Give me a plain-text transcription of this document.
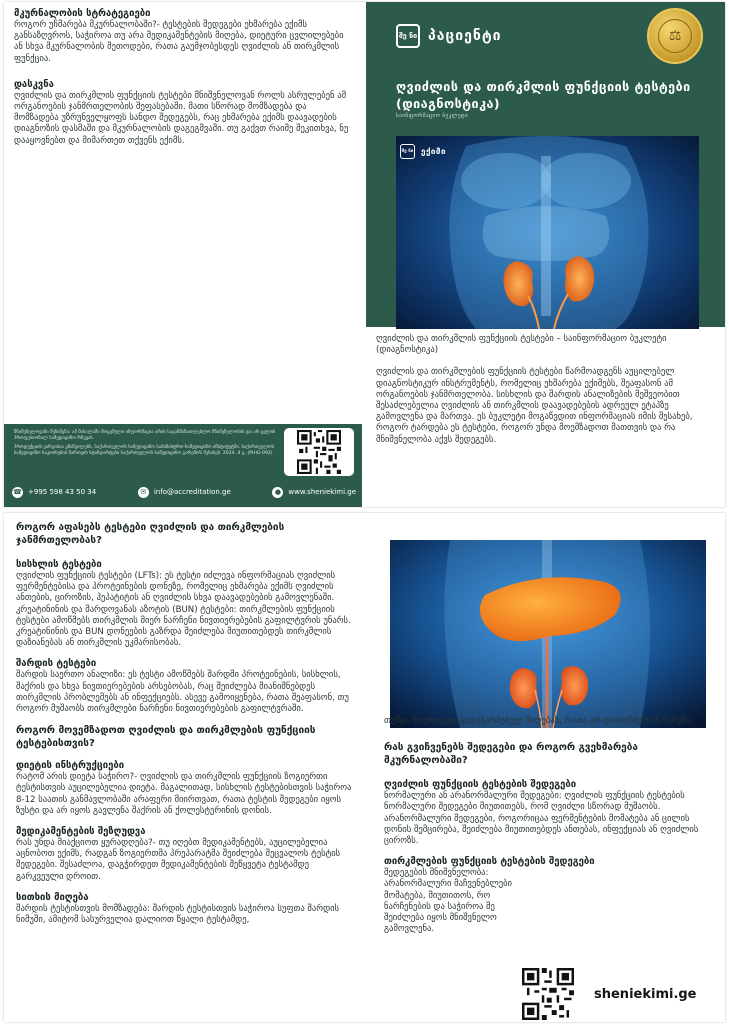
მკურნალობის სტრატეგიები
როგორ უჩმარება მკურნალობაში?- ტესტების შედეგები ეხმარება ექიმს განსაზღვროს, საჭიროა თუ არა მედიკამენტების მიღება, დიეტური ცვლილებები ან სხვა მკურნალობის მეთოდები, რათა გაუმჯობესდეს ღვიძლის ან თირკმლის ფუნქცია.
დასკვნა
ღვიძლის და თირკმლის ფუნქციის ტესტები მნიშვნელოვან როლს ასრულებენ ამ ორგანოების ჯანმრთელობის შეფასებაში. მათი სწორად მომზადება და მომზადება უზრუნველყოფს სანდო შედეგებს, რაც ეხმარება ექიმს დაავადების დიაგნოზის დასმაში და მკურნალობის დაგეგმვაში. თუ გაქვთ რაიმე შეკითხვა, ნუ დააყოვნებთ და მიმართეთ თქვენს ექიმს.

მნიშვნელოვანი შენიშვნა: ამ მასალაში მოცემული ინფორმაცია არის საგანმანათლებლო მნიშვნელობის და არ ცვლის პროფესიონალ სამედიცინო რჩევას.

პროდუქციის ვარგისია ყმაწვილებს, საქართველოს სამედიცინო სამინისტრო-სამედიცინო ინსტიტუტში. საქართველოს სამედიცინო საკითხების მართვის სტანდარტები საქართველოს სამედიცინო გარემოს შესახებ. 2024. 4 გ. (PHIG-092)

☎ +995 598 43 50 34	✉	info@accreditation.ge	●	www.sheniekimi.ge
შე ნი პაციენტი	⚖
ღვიძლის და თირკმლის ფუნქციის ტესტები (დიაგნოსტიკა)
საინფორმაციო ბუკლეტი
შე ნი ექიმი
ღვიძლის და თირკმლის ფუნქციის ტესტები – საინფორმაციო ბუკლეტი (დიაგნოსტიკა)
ღვიძლის და თირკმლების ფუნქციის ტესტები წარმოადგენს აუცილებელ დიაგნოსტიკურ ინსტრუმენტს, რომელიც ეხმარება ექიმებს, შეაფასონ ამ ორგანოების ჯანმრთელობა. სისხლის და შარდის ანალიზების მეშვეობით შესაძლებელია ღვიძლის ან თირკმლის დაავადებების ადრეულ ეტაპზე გამოვლენა და მართვა. ეს ბუკლეტი მოგაწვდით ინფორმაციას იმის შესახებ, როგორ ტარდება ეს ტესტები, როგორ უნდა მოემზადოთ მათთვის და რა მნიშვნელობა აქვს შედეგებს.
როგორ აფასებს ტესტები ღვიძლის და თირკმლების ჯანმრთელობას?
სისხლის ტესტები
ღვიძლის ფუნქციის ტესტები (LFTs): ეს ტესტი იძლევა ინფორმაციას ღვიძლის ფერმენტებისა და პროტეინების დონეზე, რომელიც ეხმარება ექიმს ღვიძლის ანთების, ციროზის, ჰეპატიტის ან ღვიძლის სხვა დაავადებების გამოვლენაში. კრეატინინის და შარდოვანას აზოტის (BUN) ტესტები: თირკმლების ფუნქციის ტესტები ამოწმებს თირკმლის მიერ ნარჩენი ნივთიერებების გაფილტვრის უნარს. კრეატინინის და BUN დონეების გაზრდა შეიძლება მიუთითებდეს თირკმლის დაზიანებას ან თირკმლის უკმარისობას.
შარდის ტესტები
შარდის საერთო ანალიზი: ეს ტესტი ამოწმებს შარდში პროტეინების, სისხლის, შაქრის და სხვა ნივთიერებების არსებობას, რაც შეიძლება მიანიშნებდეს თირკმლის პრობლემებს ან ინფექციებს. ასევე გამოიყენება, რათა შეაფასონ, თუ როგორ მუშაობს თირკმლები ნარჩენი ნივთიერებების გაფილტვრაში.
როგორ მოვემზადოთ ღვიძლის და თირკმლების ფუნქციის ტესტებისთვის?
დიეტის ინსტრუქციები
რატომ არის დიეტა საჭირო?- ღვიძლის და თირკმლის ფუნქციის ზოგიერთი ტესტისთვის აუცილებელია დიეტა. მაგალითად, სისხლის ტესტებისთვის საჭიროა 8-12 საათის განმავლობაში არაფერი მიირთვათ, რათა ტესტის შედეგები იყოს ზუსტი და არ იყოს გავლენა შაქრის ან ქოლესტერინის დონის.
მედიკამენტების შეზღუდვა
რას უნდა მიაქციოთ ყურადღება?- თუ იღებთ მედიკამენტებს, აუცილებელია აცნობოთ ექიმს, რადგან ზოგიერთმა პრეპარატმა შეიძლება შეცვალოს ტესტის შედეგები. შესაძლოა, დაგჭირდეთ მედიკამენტების შეწყვეტა ტესტამდე გარკვეული დროით.
სითხის მიღება
შარდის ტესტისთვის მომზადება: შარდის ტესტისთვის საჭიროა სუფთა შარდის ნიმუში, ამიტომ სასურველია დალიოთ წყალი ტესტამდე,
თუმცა მოერიდეთ გადაჭარბებულ მიღებას, რათა არ დაიბინძუროს ნიმუში.
რას გვიჩვენებს შედეგები და როგორ გვეხმარება მკურნალობაში?
ღვიძლის ფუნქციის ტესტების შედეგები
ნორმალური ან არანორმალური შედეგები: ღვიძლის ფუნქციის ტესტების ნორმალური შედეგები მიუთითებს, რომ ღვიძლი სწორად მუშაობს. არანორმალური შედეგები, როგორიცაა ფერმენტების მომატება ან ცილის დონის შემცირება, შეიძლება მიუთითებდეს ანთებას, ინფექციას ან ღვიძლის ციროზს.
თირკმლების ფუნქციის ტესტების შედეგები
შედეგების მნიშვნელობა: არანორმალური მაჩვენებლები მომატება, მიუთითოს, რო ნარჩენების და საჭიროა შე შეიძლება იყოს მნიშვნელო გამოვლენა.
sheniekimi.ge
